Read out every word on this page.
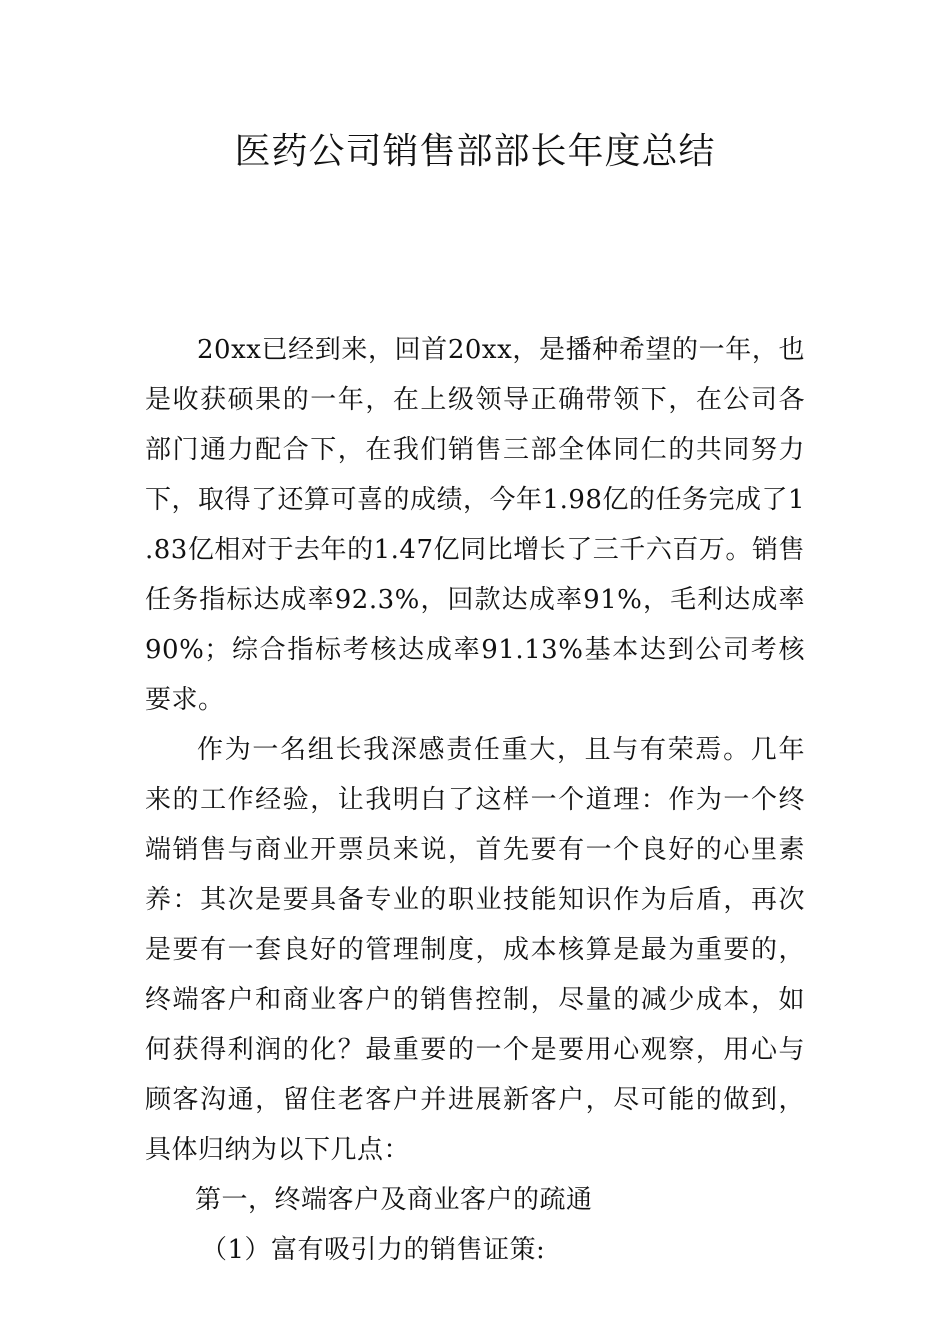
医药公司销售部部长年度总结

20xx已经到来，回首20xx，是播种希望的一年，也是收获硕果的一年，在上级领导正确带领下，在公司各部门通力配合下，在我们销售三部全体同仁的共同努力下，取得了还算可喜的成绩，今年1.98亿的任务完成了1.83亿相对于去年的1.47亿同比增长了三千六百万。销售任务指标达成率92.3%，回款达成率91%，毛利达成率90%；综合指标考核达成率91.13%基本达到公司考核要求。

作为一名组长我深感责任重大，且与有荣焉。几年来的工作经验，让我明白了这样一个道理：作为一个终端销售与商业开票员来说，首先要有一个良好的心里素养：其次是要具备专业的职业技能知识作为后盾，再次是要有一套良好的管理制度，成本核算是最为重要的，终端客户和商业客户的销售控制，尽量的减少成本，如何获得利润的化？最重要的一个是要用心观察，用心与顾客沟通，留住老客户并进展新客户，尽可能的做到，具体归纳为以下几点：

第一，终端客户及商业客户的疏通

（1）富有吸引力的销售证策:
